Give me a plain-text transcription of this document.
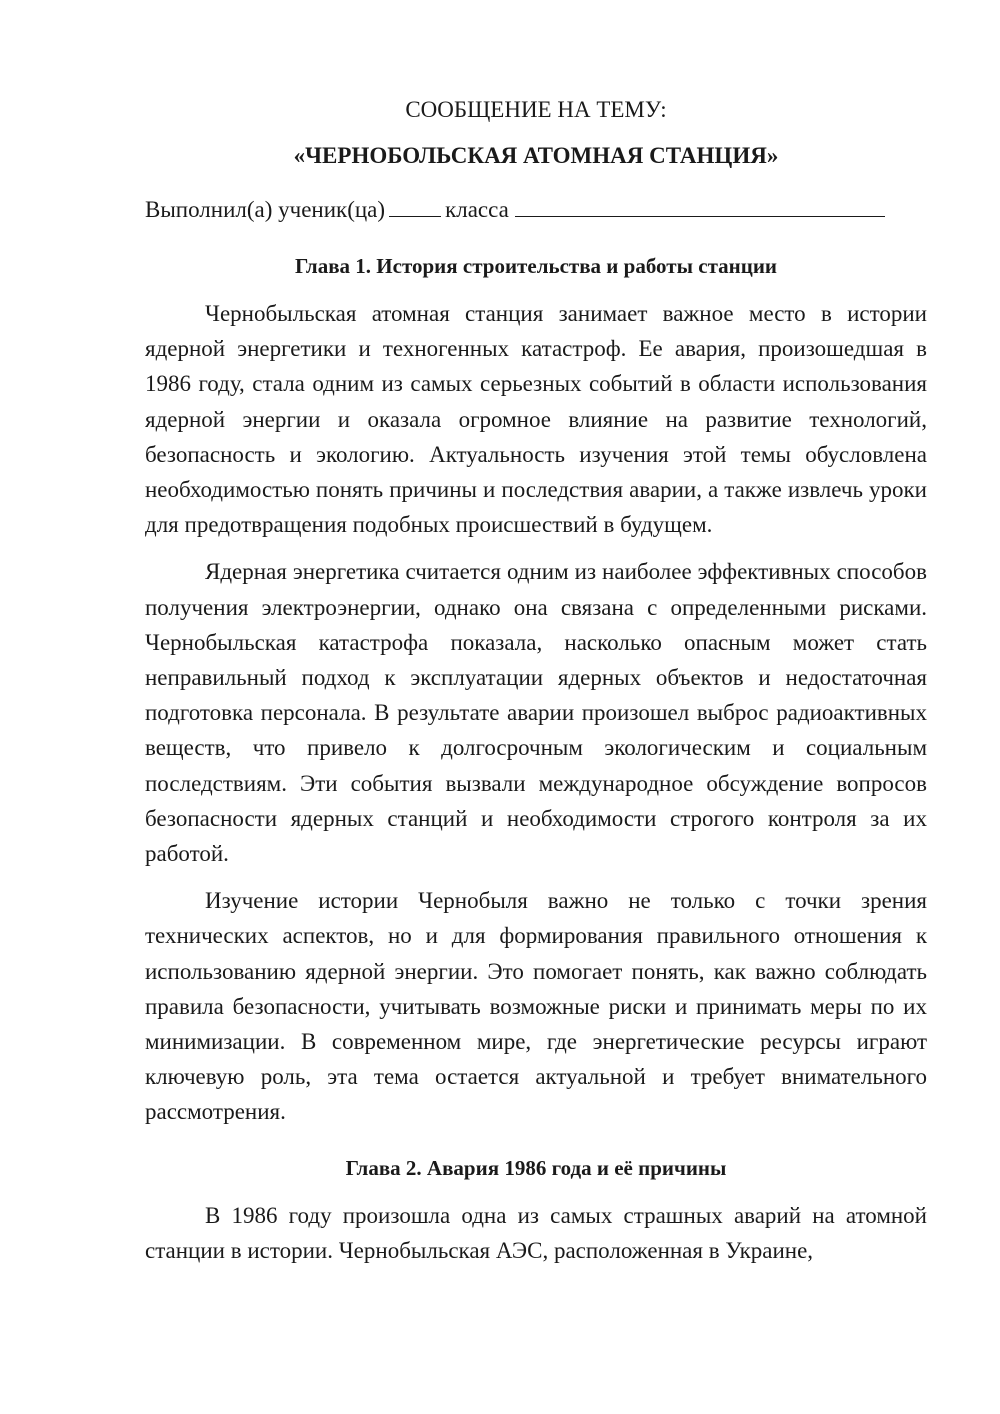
СООБЩЕНИЕ НА ТЕМУ:
«ЧЕРНОБОЛЬСКАЯ АТОМНАЯ СТАНЦИЯ»
Выполнил(а) ученик(ца)	класса
Глава 1. История строительства и работы станции

Чернобыльская атомная станция занимает важное место в истории ядерной энергетики и техногенных катастроф. Ее авария, произошедшая в 1986 году, стала одним из самых серьезных событий в области использования ядерной энергии и оказала огромное влияние на развитие технологий, безопасность и экологию. Актуальность изучения этой темы обусловлена необходимостью понять причины и последствия аварии, а также извлечь уроки для предотвращения подобных происшествий в будущем.

Ядерная энергетика считается одним из наиболее эффективных способов получения электроэнергии, однако она связана с определенными рисками. Чернобыльская катастрофа показала, насколько опасным может стать неправильный подход к эксплуатации ядерных объектов и недостаточная подготовка персонала. В результате аварии произошел выброс радиоактивных веществ, что привело к долгосрочным экологическим и социальным последствиям. Эти события вызвали международное обсуждение вопросов безопасности ядерных станций и необходимости строгого контроля за их работой.

Изучение истории Чернобыля важно не только с точки зрения технических аспектов, но и для формирования правильного отношения к использованию ядерной энергии. Это помогает понять, как важно соблюдать правила безопасности, учитывать возможные риски и принимать меры по их минимизации. В современном мире, где энергетические ресурсы играют ключевую роль, эта тема остается актуальной и требует внимательного рассмотрения.

Глава 2. Авария 1986 года и её причины

В 1986 году произошла одна из самых страшных аварий на атомной станции в истории. Чернобыльская АЭС, расположенная в Украине,
